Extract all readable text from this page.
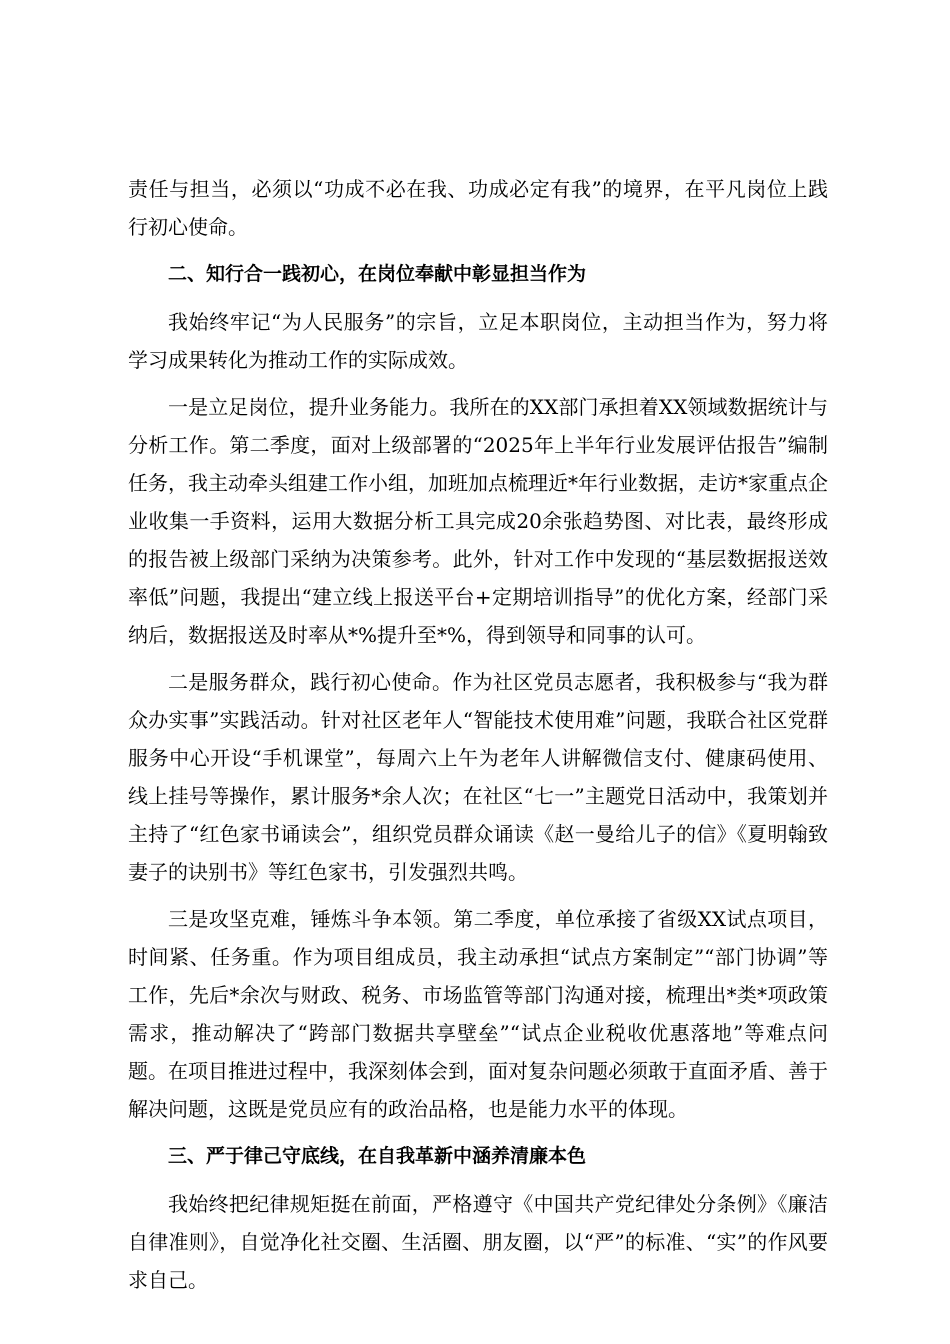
责任与担当，必须以“功成不必在我、功成必定有我”的境界，在平凡岗位上践行初心使命。

二、知行合一践初心，在岗位奉献中彰显担当作为

我始终牢记“为人民服务”的宗旨，立足本职岗位，主动担当作为，努力将学习成果转化为推动工作的实际成效。

一是立足岗位，提升业务能力。我所在的XX部门承担着XX领域数据统计与分析工作。第二季度，面对上级部署的“2025年上半年行业发展评估报告”编制任务，我主动牵头组建工作小组，加班加点梳理近*年行业数据，走访*家重点企业收集一手资料，运用大数据分析工具完成20余张趋势图、对比表，最终形成的报告被上级部门采纳为决策参考。此外，针对工作中发现的“基层数据报送效率低”问题，我提出“建立线上报送平台+定期培训指导”的优化方案，经部门采纳后，数据报送及时率从*%提升至*%，得到领导和同事的认可。

二是服务群众，践行初心使命。作为社区党员志愿者，我积极参与“我为群众办实事”实践活动。针对社区老年人“智能技术使用难”问题，我联合社区党群服务中心开设“手机课堂”，每周六上午为老年人讲解微信支付、健康码使用、线上挂号等操作，累计服务*余人次；在社区“七一”主题党日活动中，我策划并主持了“红色家书诵读会”，组织党员群众诵读《赵一曼给儿子的信》《夏明翰致妻子的诀别书》等红色家书，引发强烈共鸣。

三是攻坚克难，锤炼斗争本领。第二季度，单位承接了省级XX试点项目，时间紧、任务重。作为项目组成员，我主动承担“试点方案制定”“部门协调”等工作，先后*余次与财政、税务、市场监管等部门沟通对接，梳理出*类*项政策需求，推动解决了“跨部门数据共享壁垒”“试点企业税收优惠落地”等难点问题。在项目推进过程中，我深刻体会到，面对复杂问题必须敢于直面矛盾、善于解决问题，这既是党员应有的政治品格，也是能力水平的体现。

三、严于律己守底线，在自我革新中涵养清廉本色

我始终把纪律规矩挺在前面，严格遵守《中国共产党纪律处分条例》《廉洁自律准则》，自觉净化社交圈、生活圈、朋友圈，以“严”的标准、“实”的作风要求自己。
